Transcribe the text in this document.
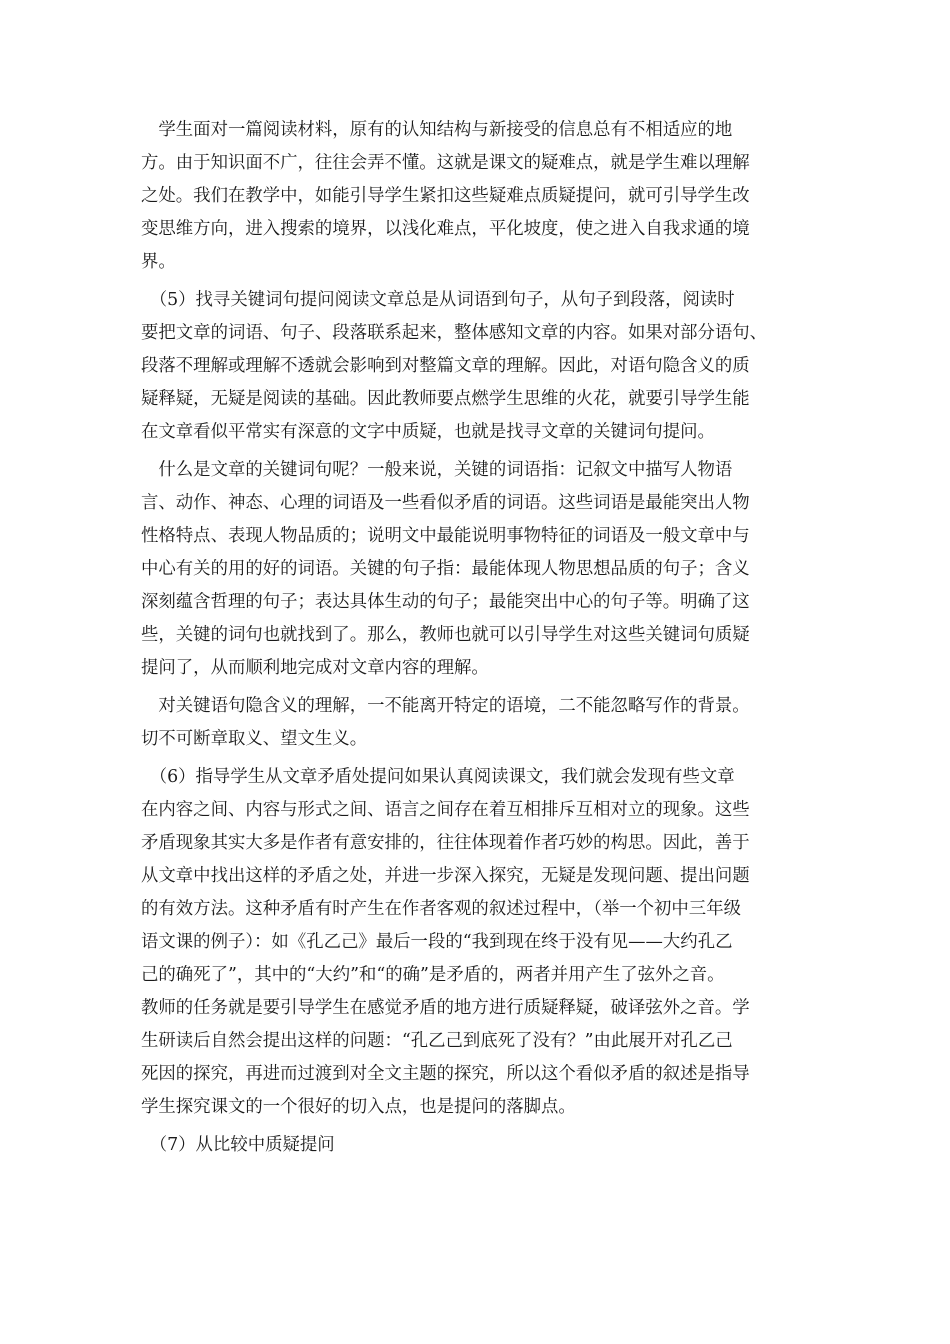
　学生面对一篇阅读材料，原有的认知结构与新接受的信息总有不相适应的地
方。由于知识面不广，往往会弄不懂。这就是课文的疑难点，就是学生难以理解
之处。我们在教学中，如能引导学生紧扣这些疑难点质疑提问，就可引导学生改
变思维方向，进入搜索的境界，以浅化难点，平化坡度，使之进入自我求通的境
界。
　（5）找寻关键词句提问阅读文章总是从词语到句子，从句子到段落，阅读时
要把文章的词语、句子、段落联系起来，整体感知文章的内容。如果对部分语句、
段落不理解或理解不透就会影响到对整篇文章的理解。因此，对语句隐含义的质
疑释疑，无疑是阅读的基础。因此教师要点燃学生思维的火花，就要引导学生能
在文章看似平常实有深意的文字中质疑，也就是找寻文章的关键词句提问。
　什么是文章的关键词句呢？一般来说，关键的词语指：记叙文中描写人物语
言、动作、神态、心理的词语及一些看似矛盾的词语。这些词语是最能突出人物
性格特点、表现人物品质的；说明文中最能说明事物特征的词语及一般文章中与
中心有关的用的好的词语。关键的句子指：最能体现人物思想品质的句子；含义
深刻蕴含哲理的句子；表达具体生动的句子；最能突出中心的句子等。明确了这
些，关键的词句也就找到了。那么，教师也就可以引导学生对这些关键词句质疑
提问了，从而顺利地完成对文章内容的理解。
　对关键语句隐含义的理解，一不能离开特定的语境，二不能忽略写作的背景。
切不可断章取义、望文生义。
　（6）指导学生从文章矛盾处提问如果认真阅读课文，我们就会发现有些文章
在内容之间、内容与形式之间、语言之间存在着互相排斥互相对立的现象。这些
矛盾现象其实大多是作者有意安排的，往往体现着作者巧妙的构思。因此，善于
从文章中找出这样的矛盾之处，并进一步深入探究，无疑是发现问题、提出问题
的有效方法。这种矛盾有时产生在作者客观的叙述过程中，（举一个初中三年级
语文课的例子）：如《孔乙己》最后一段的“我到现在终于没有见——大约孔乙
己的确死了”，其中的“大约”和“的确”是矛盾的，两者并用产生了弦外之音。
教师的任务就是要引导学生在感觉矛盾的地方进行质疑释疑，破译弦外之音。学
生研读后自然会提出这样的问题：“孔乙己到底死了没有？”由此展开对孔乙己
死因的探究，再进而过渡到对全文主题的探究，所以这个看似矛盾的叙述是指导
学生探究课文的一个很好的切入点，也是提问的落脚点。
　（7）从比较中质疑提问
